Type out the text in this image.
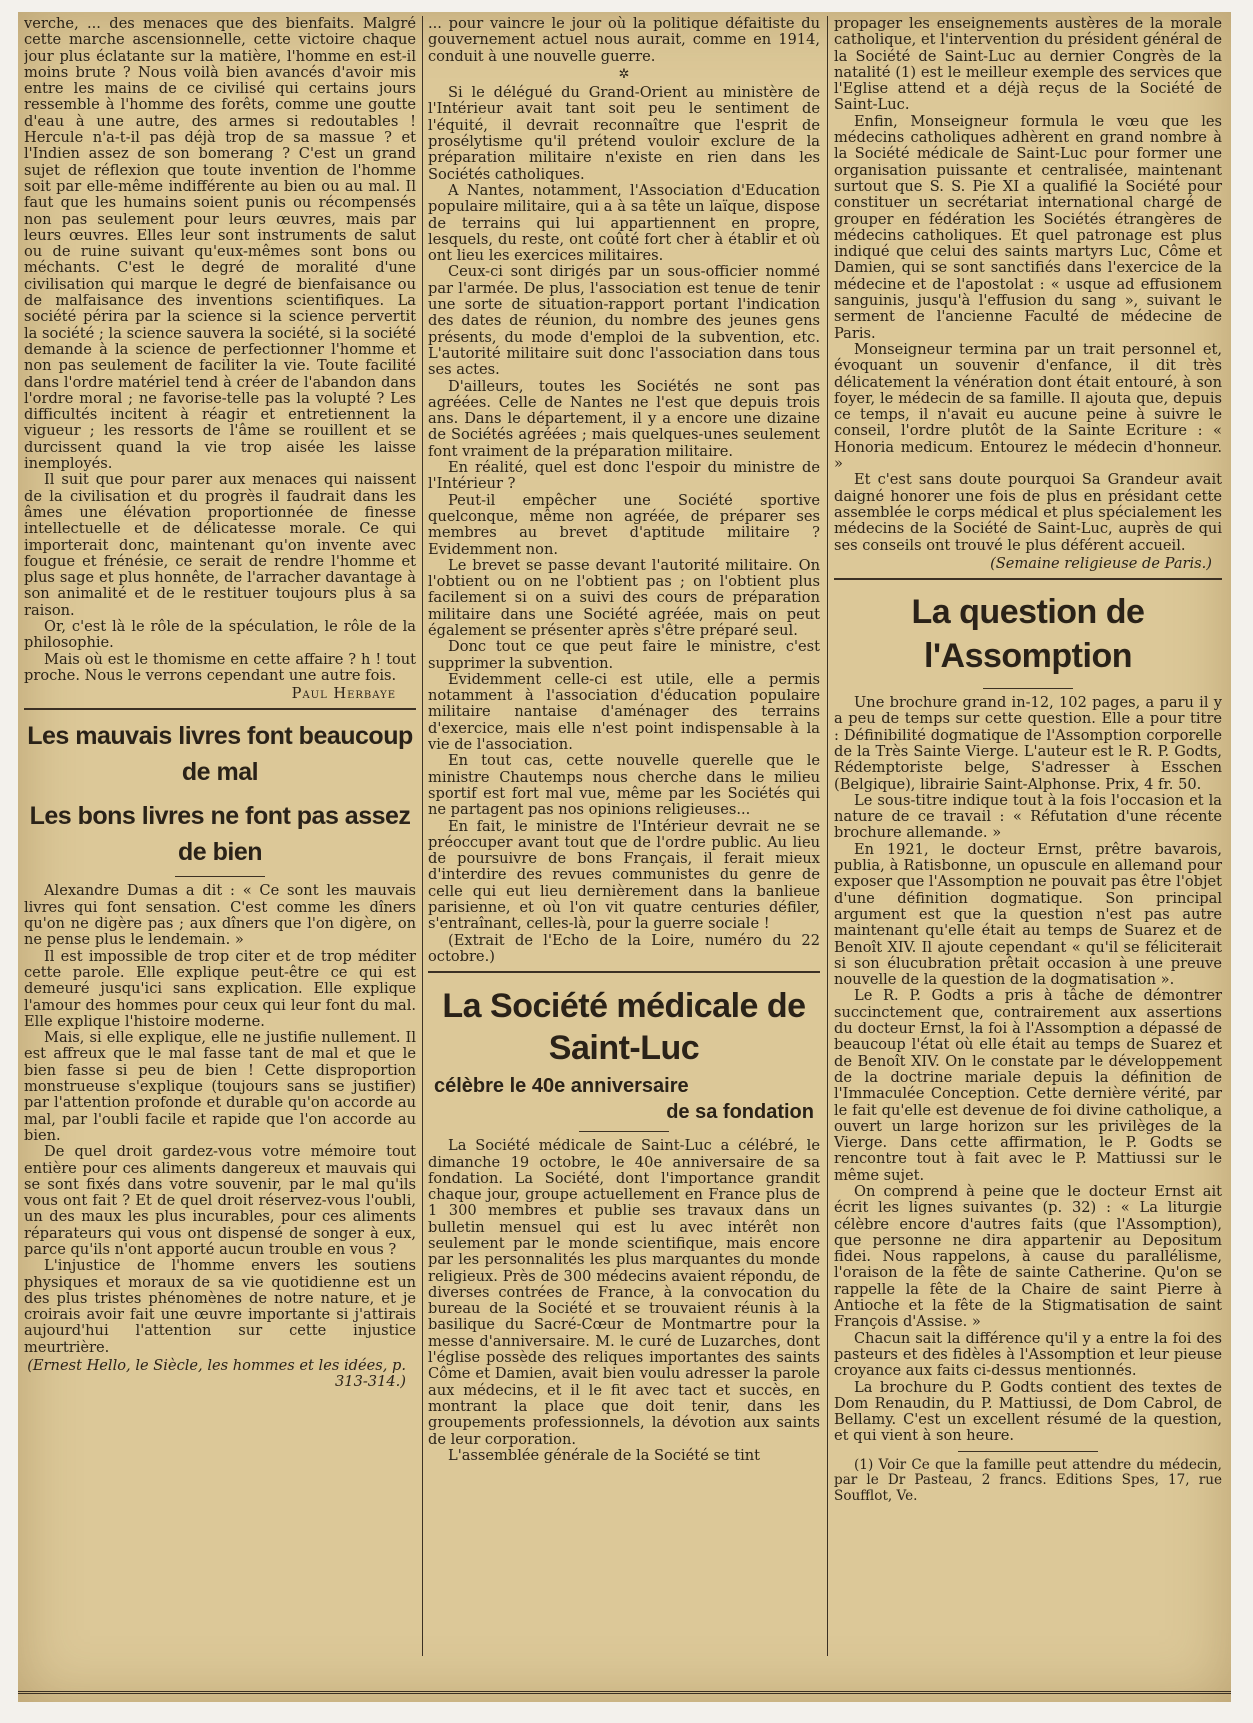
verche, ... des menaces que des bienfaits. Malgré cette marche ascensionnelle, cette victoire chaque jour plus éclatante sur la matière, l'homme en est-il moins brute ? Nous voilà bien avancés d'avoir mis entre les mains de ce civilisé qui certains jours ressemble à l'homme des forêts, comme une goutte d'eau à une autre, des armes si redoutables ! Hercule n'a-t-il pas déjà trop de sa massue ? et l'Indien assez de son bomerang ? C'est un grand sujet de réflexion que toute invention de l'homme soit par elle-même indifférente au bien ou au mal. Il faut que les humains soient punis ou récompensés non pas seulement pour leurs œuvres, mais par leurs œuvres. Elles leur sont instruments de salut ou de ruine suivant qu'eux-mêmes sont bons ou méchants. C'est le degré de moralité d'une civilisation qui marque le degré de bienfaisance ou de malfaisance des inventions scientifiques. La société périra par la science si la science pervertit la société ; la science sauvera la société, si la société demande à la science de perfectionner l'homme et non pas seulement de faciliter la vie. Toute facilité dans l'ordre matériel tend à créer de l'abandon dans l'ordre moral ; ne favorise-telle pas la volupté ? Les difficultés incitent à réagir et entretiennent la vigueur ; les ressorts de l'âme se rouillent et se durcissent quand la vie trop aisée les laisse inemployés.

Il suit que pour parer aux menaces qui naissent de la civilisation et du progrès il faudrait dans les âmes une élévation proportionnée de finesse intellectuelle et de délicatesse morale. Ce qui importerait donc, maintenant qu'on invente avec fougue et frénésie, ce serait de rendre l'homme et plus sage et plus honnête, de l'arracher davantage à son animalité et de le restituer toujours plus à sa raison.

Or, c'est là le rôle de la spéculation, le rôle de la philosophie.

Mais où est le thomisme en cette affaire ? h ! tout proche. Nous le verrons cependant une autre fois.

Paul Herbaye
Les mauvais livres font beaucoup de mal
Les bons livres ne font pas assez de bien

Alexandre Dumas a dit : « Ce sont les mauvais livres qui font sensation. C'est comme les dîners qu'on ne digère pas ; aux dîners que l'on digère, on ne pense plus le lendemain. »

Il est impossible de trop citer et de trop méditer cette parole. Elle explique peut-être ce qui est demeuré jusqu'ici sans explication. Elle explique l'amour des hommes pour ceux qui leur font du mal. Elle explique l'histoire moderne.

Mais, si elle explique, elle ne justifie nullement. Il est affreux que le mal fasse tant de mal et que le bien fasse si peu de bien ! Cette disproportion monstrueuse s'explique (toujours sans se justifier) par l'attention profonde et durable qu'on accorde au mal, par l'oubli facile et rapide que l'on accorde au bien.

De quel droit gardez-vous votre mémoire tout entière pour ces aliments dangereux et mauvais qui se sont fixés dans votre souvenir, par le mal qu'ils vous ont fait ? Et de quel droit réservez-vous l'oubli, un des maux les plus incurables, pour ces aliments réparateurs qui vous ont dispensé de songer à eux, parce qu'ils n'ont apporté aucun trouble en vous ?

L'injustice de l'homme envers les soutiens physiques et moraux de sa vie quotidienne est un des plus tristes phénomènes de notre nature, et je croirais avoir fait une œuvre importante si j'attirais aujourd'hui l'attention sur cette injustice meurtrière.

(Ernest Hello, le Siècle, les hommes et les idées, p. 313-314.)

... pour vaincre le jour où la politique défaitiste du gouvernement actuel nous aurait, comme en 1914, conduit à une nouvelle guerre.

✲

Si le délégué du Grand-Orient au ministère de l'Intérieur avait tant soit peu le sentiment de l'équité, il devrait reconnaître que l'esprit de prosélytisme qu'il prétend vouloir exclure de la préparation militaire n'existe en rien dans les Sociétés catholiques.

A Nantes, notamment, l'Association d'Education populaire militaire, qui a à sa tête un laïque, dispose de terrains qui lui appartiennent en propre, lesquels, du reste, ont coûté fort cher à établir et où ont lieu les exercices militaires.

Ceux-ci sont dirigés par un sous-officier nommé par l'armée. De plus, l'association est tenue de tenir une sorte de situation-rapport portant l'indication des dates de réunion, du nombre des jeunes gens présents, du mode d'emploi de la subvention, etc. L'autorité militaire suit donc l'association dans tous ses actes.

D'ailleurs, toutes les Sociétés ne sont pas agréées. Celle de Nantes ne l'est que depuis trois ans. Dans le département, il y a encore une dizaine de Sociétés agréées ; mais quelques-unes seulement font vraiment de la préparation militaire.

En réalité, quel est donc l'espoir du ministre de l'Intérieur ?

Peut-il empêcher une Société sportive quelconque, même non agréée, de préparer ses membres au brevet d'aptitude militaire ? Evidemment non.

Le brevet se passe devant l'autorité militaire. On l'obtient ou on ne l'obtient pas ; on l'obtient plus facilement si on a suivi des cours de préparation militaire dans une Société agréée, mais on peut également se présenter après s'être préparé seul.

Donc tout ce que peut faire le ministre, c'est supprimer la subvention.

Evidemment celle-ci est utile, elle a permis notamment à l'association d'éducation populaire militaire nantaise d'aménager des terrains d'exercice, mais elle n'est point indispensable à la vie de l'association.

En tout cas, cette nouvelle querelle que le ministre Chautemps nous cherche dans le milieu sportif est fort mal vue, même par les Sociétés qui ne partagent pas nos opinions religieuses...

En fait, le ministre de l'Intérieur devrait ne se préoccuper avant tout que de l'ordre public. Au lieu de poursuivre de bons Français, il ferait mieux d'interdire des revues communistes du genre de celle qui eut lieu dernièrement dans la banlieue parisienne, et où l'on vit quatre centuries défiler, s'entraînant, celles-là, pour la guerre sociale !

(Extrait de l'Echo de la Loire, numéro du 22 octobre.)

La Société médicale de Saint-Luc
célèbre le 40e anniversaire
de sa fondation

La Société médicale de Saint-Luc a célébré, le dimanche 19 octobre, le 40e anniversaire de sa fondation. La Société, dont l'importance grandit chaque jour, groupe actuellement en France plus de 1 300 membres et publie ses travaux dans un bulletin mensuel qui est lu avec intérêt non seulement par le monde scientifique, mais encore par les personnalités les plus marquantes du monde religieux. Près de 300 médecins avaient répondu, de diverses contrées de France, à la convocation du bureau de la Société et se trouvaient réunis à la basilique du Sacré-Cœur de Montmartre pour la messe d'anniversaire. M. le curé de Luzarches, dont l'église possède des reliques importantes des saints Côme et Damien, avait bien voulu adresser la parole aux médecins, et il le fit avec tact et succès, en montrant la place que doit tenir, dans les groupements professionnels, la dévotion aux saints de leur corporation.

L'assemblée générale de la Société se tint

propager les enseignements austères de la morale catholique, et l'intervention du président général de la Société de Saint-Luc au dernier Congrès de la natalité (1) est le meilleur exemple des services que l'Eglise attend et a déjà reçus de la Société de Saint-Luc.

Enfin, Monseigneur formula le vœu que les médecins catholiques adhèrent en grand nombre à la Société médicale de Saint-Luc pour former une organisation puissante et centralisée, maintenant surtout que S. S. Pie XI a qualifié la Société pour constituer un secrétariat international chargé de grouper en fédération les Sociétés étrangères de médecins catholiques. Et quel patronage est plus indiqué que celui des saints martyrs Luc, Côme et Damien, qui se sont sanctifiés dans l'exercice de la médecine et de l'apostolat : « usque ad effusionem sanguinis, jusqu'à l'effusion du sang », suivant le serment de l'ancienne Faculté de médecine de Paris.

Monseigneur termina par un trait personnel et, évoquant un souvenir d'enfance, il dit très délicatement la vénération dont était entouré, à son foyer, le médecin de sa famille. Il ajouta que, depuis ce temps, il n'avait eu aucune peine à suivre le conseil, l'ordre plutôt de la Sainte Ecriture : « Honoria medicum. Entourez le médecin d'honneur. »

Et c'est sans doute pourquoi Sa Grandeur avait daigné honorer une fois de plus en présidant cette assemblée le corps médical et plus spécialement les médecins de la Société de Saint-Luc, auprès de qui ses conseils ont trouvé le plus déférent accueil.

(Semaine religieuse de Paris.)
La question de l'Assomption

Une brochure grand in-12, 102 pages, a paru il y a peu de temps sur cette question. Elle a pour titre : Définibilité dogmatique de l'Assomption corporelle de la Très Sainte Vierge. L'auteur est le R. P. Godts, Rédemptoriste belge, S'adresser à Esschen (Belgique), librairie Saint-Alphonse. Prix, 4 fr. 50.

Le sous-titre indique tout à la fois l'occasion et la nature de ce travail : « Réfutation d'une récente brochure allemande. »

En 1921, le docteur Ernst, prêtre bavarois, publia, à Ratisbonne, un opuscule en allemand pour exposer que l'Assomption ne pouvait pas être l'objet d'une définition dogmatique. Son principal argument est que la question n'est pas autre maintenant qu'elle était au temps de Suarez et de Benoît XIV. Il ajoute cependant « qu'il se féliciterait si son élucubration prêtait occasion à une preuve nouvelle de la question de la dogmatisation ».

Le R. P. Godts a pris à tâche de démontrer succinctement que, contrairement aux assertions du docteur Ernst, la foi à l'Assomption a dépassé de beaucoup l'état où elle était au temps de Suarez et de Benoît XIV. On le constate par le développement de la doctrine mariale depuis la définition de l'Immaculée Conception. Cette dernière vérité, par le fait qu'elle est devenue de foi divine catholique, a ouvert un large horizon sur les privilèges de la Vierge. Dans cette affirmation, le P. Godts se rencontre tout à fait avec le P. Mattiussi sur le même sujet.

On comprend à peine que le docteur Ernst ait écrit les lignes suivantes (p. 32) : « La liturgie célèbre encore d'autres faits (que l'Assomption), que personne ne dira appartenir au Depositum fidei. Nous rappelons, à cause du parallélisme, l'oraison de la fête de sainte Catherine. Qu'on se rappelle la fête de la Chaire de saint Pierre à Antioche et la fête de la Stigmatisation de saint François d'Assise. »

Chacun sait la différence qu'il y a entre la foi des pasteurs et des fidèles à l'Assomption et leur pieuse croyance aux faits ci-dessus mentionnés.

La brochure du P. Godts contient des textes de Dom Renaudin, du P. Mattiussi, de Dom Cabrol, de Bellamy. C'est un excellent résumé de la question, et qui vient à son heure.

(1) Voir Ce que la famille peut attendre du médecin, par le Dr Pasteau, 2 francs. Editions Spes, 17, rue Soufflot, Ve.
